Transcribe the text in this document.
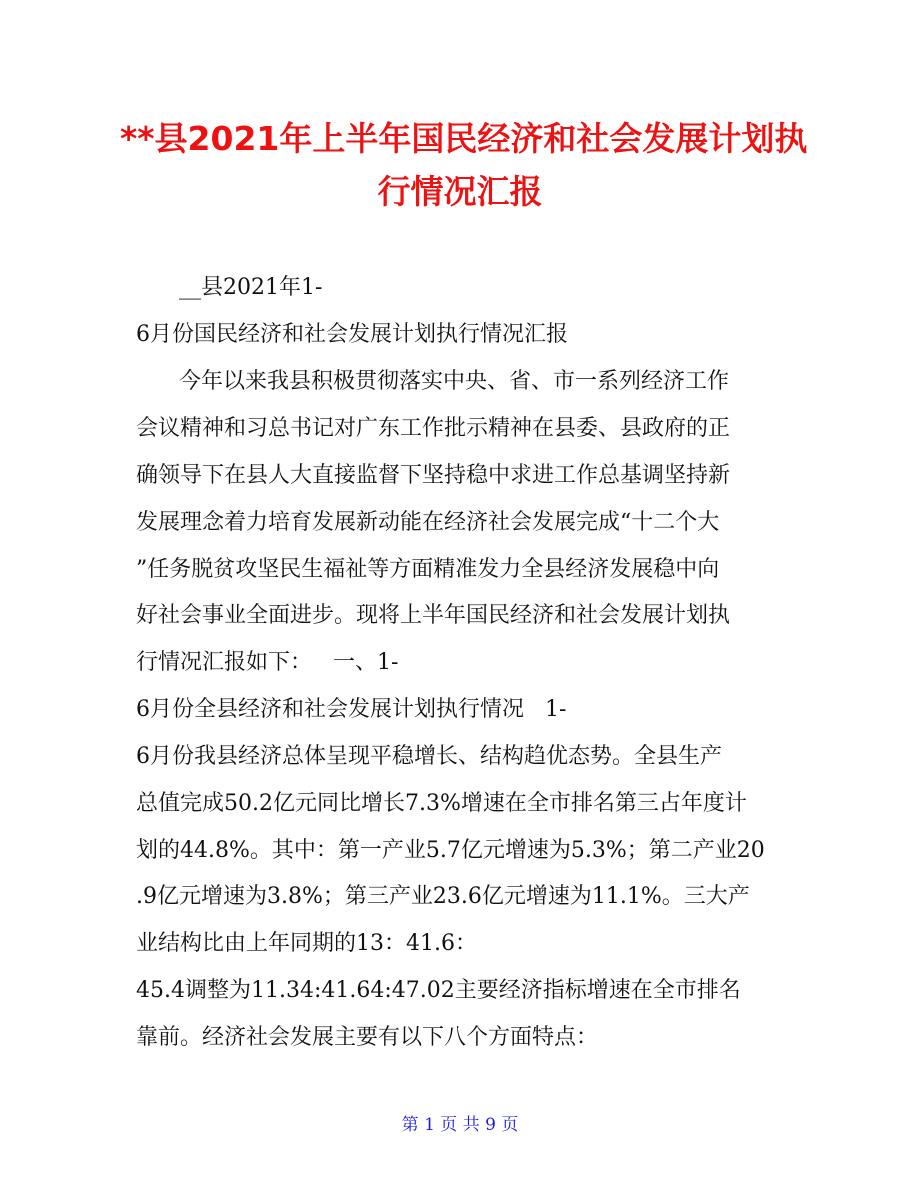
**县2021年上半年国民经济和社会发展计划执
行情况汇报
__县2021年1-
6月份国民经济和社会发展计划执行情况汇报
今年以来我县积极贯彻落实中央、省、市一系列经济工作
会议精神和习总书记对广东工作批示精神在县委、县政府的正
确领导下在县人大直接监督下坚持稳中求进工作总基调坚持新
发展理念着力培育发展新动能在经济社会发展完成“十二个大
”任务脱贫攻坚民生福祉等方面精准发力全县经济发展稳中向
好社会事业全面进步。现将上半年国民经济和社会发展计划执
行情况汇报如下：   一、1-
6月份全县经济和社会发展计划执行情况   1-
6月份我县经济总体呈现平稳增长、结构趋优态势。全县生产
总值完成50.2亿元同比增长7.3%增速在全市排名第三占年度计
划的44.8%。其中：第一产业5.7亿元增速为5.3%；第二产业20
.9亿元增速为3.8%；第三产业23.6亿元增速为11.1%。三大产
业结构比由上年同期的13：41.6：
45.4调整为11.34:41.64:47.02主要经济指标增速在全市排名
靠前。经济社会发展主要有以下八个方面特点：
第 1 页 共 9 页
